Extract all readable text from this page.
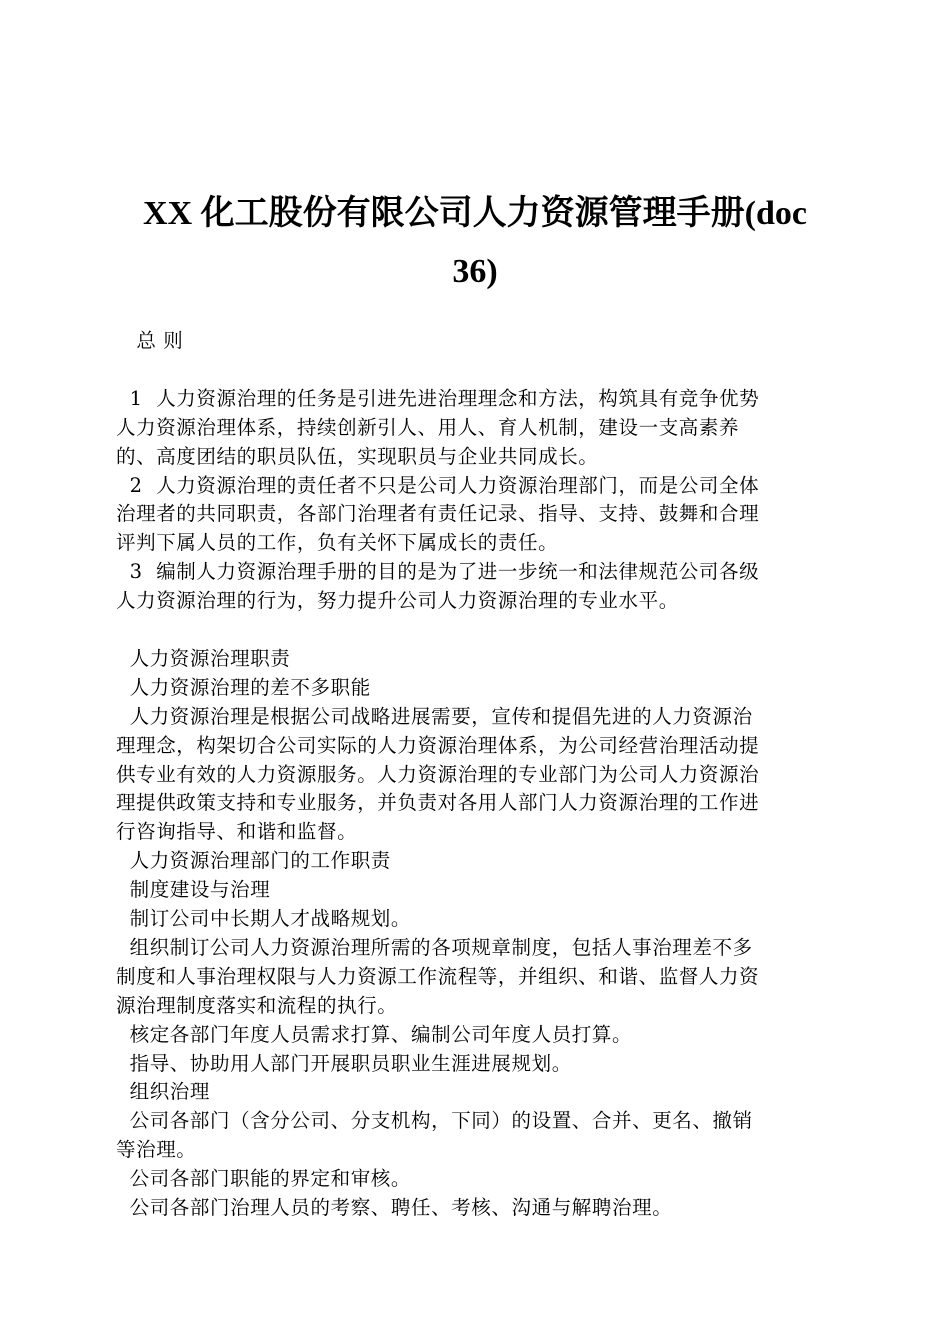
XX 化工股份有限公司人力资源管理手册(doc
36)
总 则
1  人力资源治理的任务是引进先进治理理念和方法，构筑具有竞争优势
人力资源治理体系，持续创新引人、用人、育人机制，建设一支高素养
的、高度团结的职员队伍，实现职员与企业共同成长。
2  人力资源治理的责任者不只是公司人力资源治理部门，而是公司全体
治理者的共同职责，各部门治理者有责任记录、指导、支持、鼓舞和合理
评判下属人员的工作，负有关怀下属成长的责任。
3  编制人力资源治理手册的目的是为了进一步统一和法律规范公司各级
人力资源治理的行为，努力提升公司人力资源治理的专业水平。
人力资源治理职责
人力资源治理的差不多职能
人力资源治理是根据公司战略进展需要，宣传和提倡先进的人力资源治
理理念，构架切合公司实际的人力资源治理体系，为公司经营治理活动提
供专业有效的人力资源服务。人力资源治理的专业部门为公司人力资源治
理提供政策支持和专业服务，并负责对各用人部门人力资源治理的工作进
行咨询指导、和谐和监督。
人力资源治理部门的工作职责
制度建设与治理
制订公司中长期人才战略规划。
组织制订公司人力资源治理所需的各项规章制度，包括人事治理差不多
制度和人事治理权限与人力资源工作流程等，并组织、和谐、监督人力资
源治理制度落实和流程的执行。
核定各部门年度人员需求打算、编制公司年度人员打算。
指导、协助用人部门开展职员职业生涯进展规划。
组织治理
公司各部门（含分公司、分支机构，下同）的设置、合并、更名、撤销
等治理。
公司各部门职能的界定和审核。
公司各部门治理人员的考察、聘任、考核、沟通与解聘治理。
